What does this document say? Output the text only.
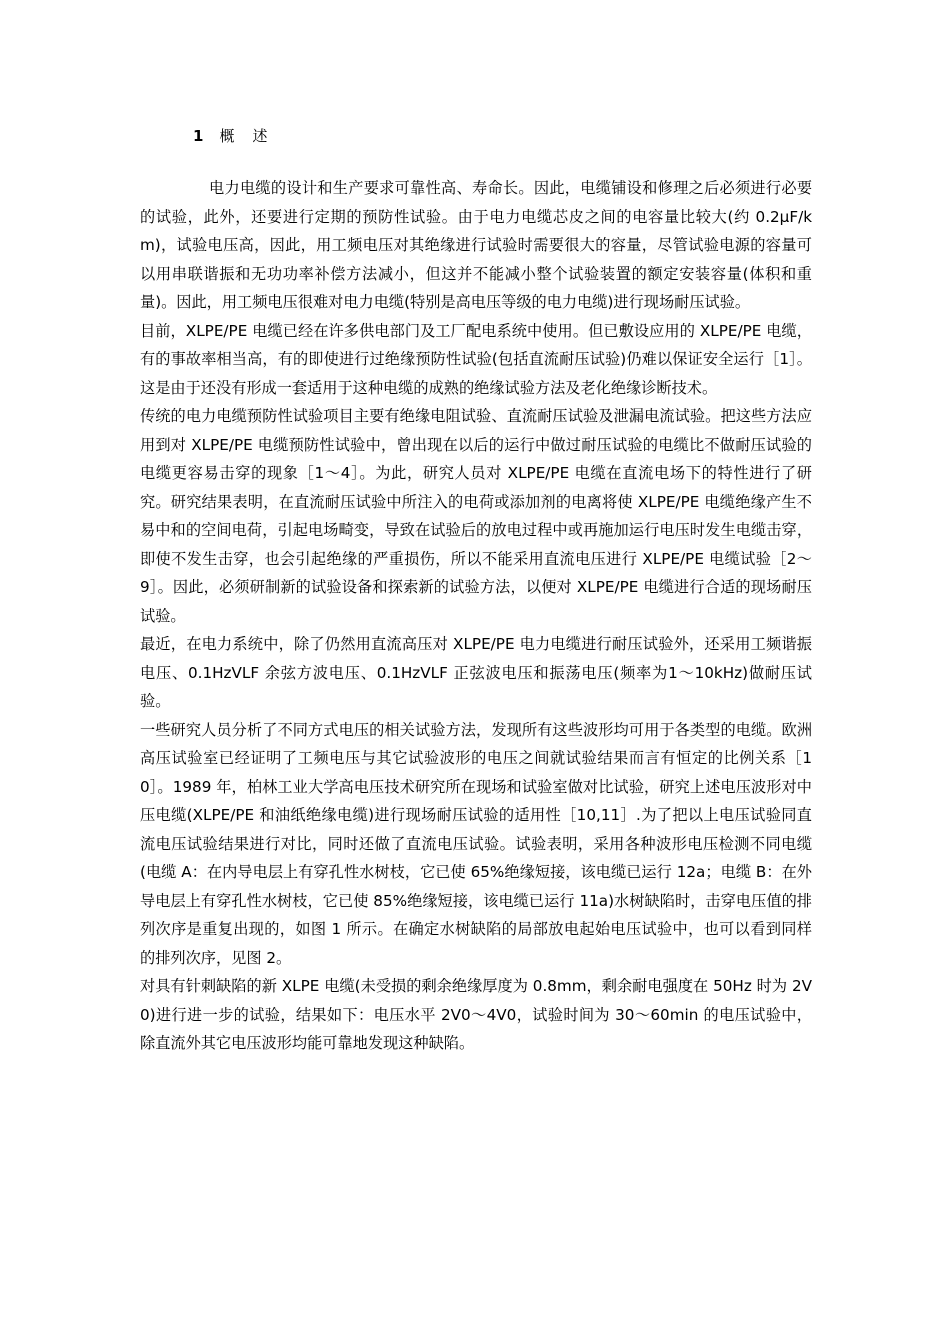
1 概述

电力电缆的设计和生产要求可靠性高、寿命长。因此，电缆铺设和修理之后必须进行必要的试验，此外，还要进行定期的预防性试验。由于电力电缆芯皮之间的电容量比较大(约 0.2μF/km)，试验电压高，因此，用工频电压对其绝缘进行试验时需要很大的容量，尽管试验电源的容量可以用串联谐振和无功功率补偿方法减小，但这并不能减小整个试验装置的额定安装容量(体积和重量)。因此，用工频电压很难对电力电缆(特别是高电压等级的电力电缆)进行现场耐压试验。

目前，XLPE/PE 电缆已经在许多供电部门及工厂配电系统中使用。但已敷设应用的 XLPE/PE 电缆，有的事故率相当高，有的即使进行过绝缘预防性试验(包括直流耐压试验)仍难以保证安全运行［1］。这是由于还没有形成一套适用于这种电缆的成熟的绝缘试验方法及老化绝缘诊断技术。

传统的电力电缆预防性试验项目主要有绝缘电阻试验、直流耐压试验及泄漏电流试验。把这些方法应用到对 XLPE/PE 电缆预防性试验中，曾出现在以后的运行中做过耐压试验的电缆比不做耐压试验的电缆更容易击穿的现象［1～4］。为此，研究人员对 XLPE/PE 电缆在直流电场下的特性进行了研究。研究结果表明，在直流耐压试验中所注入的电荷或添加剂的电离将使 XLPE/PE 电缆绝缘产生不易中和的空间电荷，引起电场畸变，导致在试验后的放电过程中或再施加运行电压时发生电缆击穿，即使不发生击穿，也会引起绝缘的严重损伤，所以不能采用直流电压进行 XLPE/PE 电缆试验［2～9］。因此，必须研制新的试验设备和探索新的试验方法，以便对 XLPE/PE 电缆进行合适的现场耐压试验。

最近，在电力系统中，除了仍然用直流高压对 XLPE/PE 电力电缆进行耐压试验外，还采用工频谐振电压、0.1HzVLF 余弦方波电压、0.1HzVLF 正弦波电压和振荡电压(频率为1～10kHz)做耐压试验。

一些研究人员分析了不同方式电压的相关试验方法，发现所有这些波形均可用于各类型的电缆。欧洲高压试验室已经证明了工频电压与其它试验波形的电压之间就试验结果而言有恒定的比例关系［10］。1989 年，柏林工业大学高电压技术研究所在现场和试验室做对比试验，研究上述电压波形对中压电缆(XLPE/PE 和油纸绝缘电缆)进行现场耐压试验的适用性［10,11］.为了把以上电压试验同直流电压试验结果进行对比，同时还做了直流电压试验。试验表明，采用各种波形电压检测不同电缆(电缆 A：在内导电层上有穿孔性水树枝，它已使 65%绝缘短接，该电缆已运行 12a；电缆 B：在外导电层上有穿孔性水树枝，它已使 85%绝缘短接，该电缆已运行 11a)水树缺陷时，击穿电压值的排列次序是重复出现的，如图 1 所示。在确定水树缺陷的局部放电起始电压试验中，也可以看到同样的排列次序，见图 2。

对具有针刺缺陷的新 XLPE 电缆(未受损的剩余绝缘厚度为 0.8mm，剩余耐电强度在 50Hz 时为 2V0)进行进一步的试验，结果如下：电压水平 2V0～4V0，试验时间为 30～60min 的电压试验中，除直流外其它电压波形均能可靠地发现这种缺陷。
